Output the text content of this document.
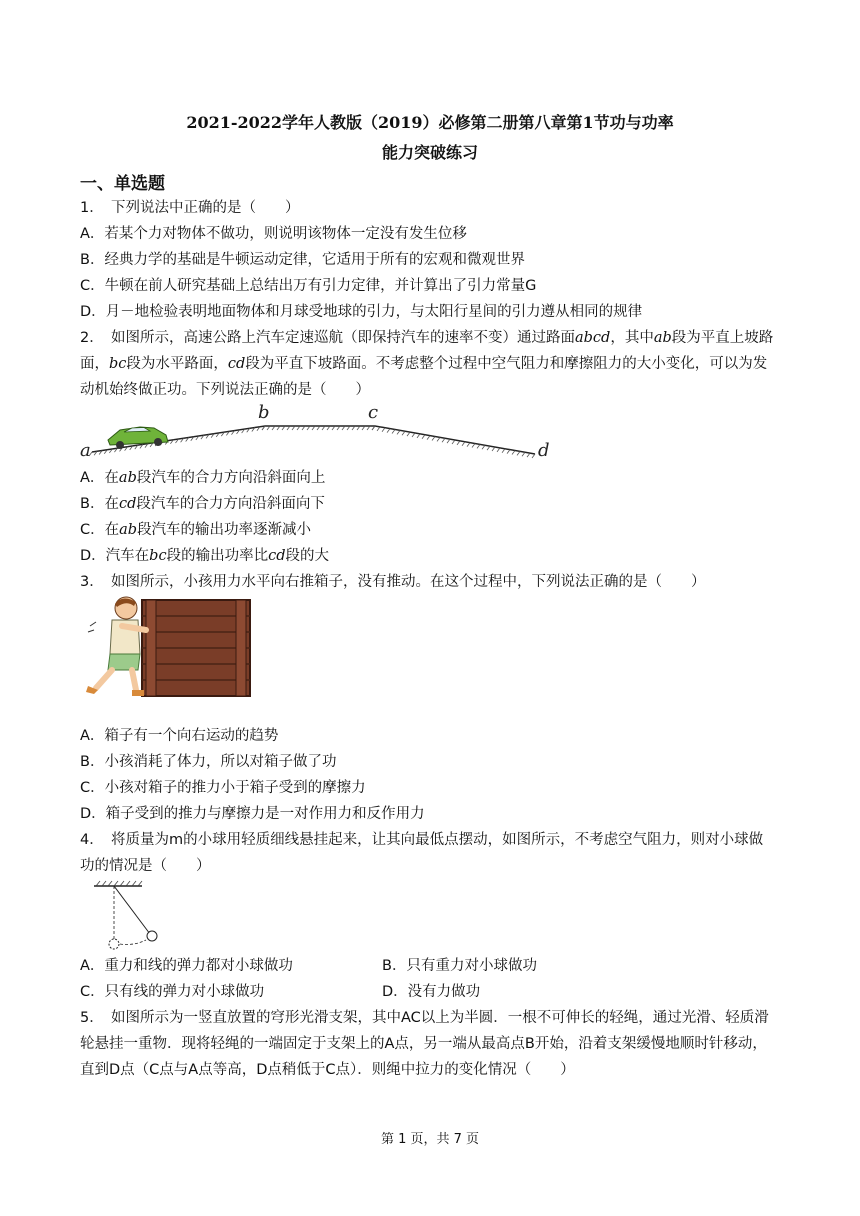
2021-2022学年人教版（2019）必修第二册第八章第1节功与功率
能力突破练习
一、单选题
1．　下列说法中正确的是（　　）
A．若某个力对物体不做功，则说明该物体一定没有发生位移
B．经典力学的基础是牛顿运动定律，它适用于所有的宏观和微观世界
C．牛顿在前人研究基础上总结出万有引力定律，并计算出了引力常量G
D．月－地检验表明地面物体和月球受地球的引力，与太阳行星间的引力遵从相同的规律
2．　如图所示，高速公路上汽车定速巡航（即保持汽车的速率不变）通过路面abcd，其中ab段为平直上坡路
面，bc段为水平路面，cd段为平直下坡路面。不考虑整个过程中空气阻力和摩擦阻力的大小变化，可以为发
动机始终做正功。下列说法正确的是（　　）
a
b	c
d
A．在ab段汽车的合力方向沿斜面向上
B．在cd段汽车的合力方向沿斜面向下
C．在ab段汽车的输出功率逐渐减小
D．汽车在bc段的输出功率比cd段的大
3．　如图所示，小孩用力水平向右推箱子，没有推动。在这个过程中，下列说法正确的是（　　）
A．箱子有一个向右运动的趋势
B．小孩消耗了体力，所以对箱子做了功
C．小孩对箱子的推力小于箱子受到的摩擦力
D．箱子受到的推力与摩擦力是一对作用力和反作用力
4．　将质量为m的小球用轻质细线悬挂起来，让其向最低点摆动，如图所示，不考虑空气阻力，则对小球做
功的情况是（　　）
A．重力和线的弹力都对小球做功	B．只有重力对小球做功
C．只有线的弹力对小球做功	D．没有力做功
5．　如图所示为一竖直放置的穹形光滑支架，其中AC以上为半圆．一根不可伸长的轻绳，通过光滑、轻质滑
轮悬挂一重物．现将轻绳的一端固定于支架上的A点，另一端从最高点B开始，沿着支架缓慢地顺时针移动，
直到D点（C点与A点等高，D点稍低于C点）．则绳中拉力的变化情况（　　）
第 1 页，共 7 页
